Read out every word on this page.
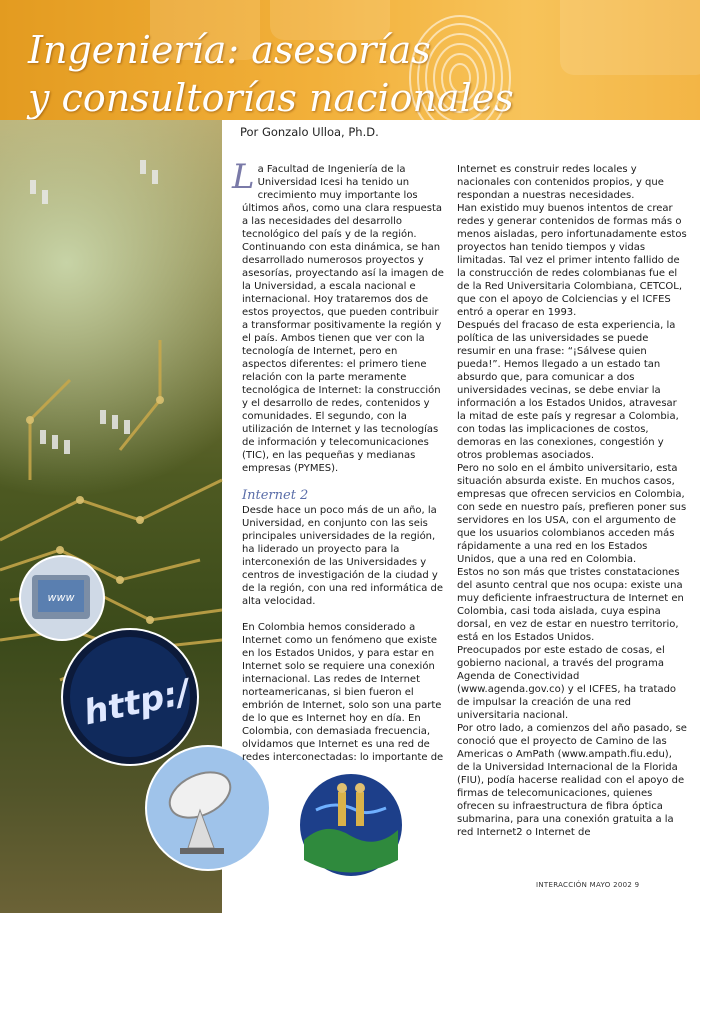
Ingeniería: asesorías
y consultorías nacionales
www
http:/
UNIVERSIDAD
ICESI

Por Gonzalo Ulloa, Ph.D.

La Facultad de Ingeniería de la Universidad Icesi ha tenido un crecimiento muy importante los últimos años, como una clara respuesta a las necesidades del desarrollo tecnológico del país y de la región. Continuando con esta dinámica, se han desarrollado numerosos proyectos y asesorías, proyectando así la imagen de la Universidad, a escala nacional e internacional. Hoy trataremos dos de estos proyectos, que pueden contribuir a transformar positivamente la región y el país. Ambos tienen que ver con la tecnología de Internet, pero en aspectos diferentes: el primero tiene relación con la parte meramente tecnológica de Internet: la construcción y el desarrollo de redes, contenidos y comunidades. El segundo, con la utilización de Internet y las tecnologías de información y telecomunicaciones (TIC), en las pequeñas y medianas empresas (PYMES).

Internet 2

Desde hace un poco más de un año, la Universidad, en conjunto con las seis principales universidades de la región, ha liderado un proyecto para la interconexión de las Universidades y centros de investigación de la ciudad y de la región, con una red informática de alta velocidad.

En Colombia hemos considerado a Internet como un fenómeno que existe en los Estados Unidos, y para estar en Internet solo se requiere una conexión internacional. Las redes de Internet norteamericanas, si bien fueron el embrión de Internet, solo son una parte de lo que es Internet hoy en día. En Colombia, con demasiada frecuencia, olvidamos que Internet es una red de redes interconectadas: lo importante de

Internet es construir redes locales y nacionales con contenidos propios, y que respondan a nuestras necesidades.

Han existido muy buenos intentos de crear redes y generar contenidos de formas más o menos aisladas, pero infortunadamente estos proyectos han tenido tiempos y vidas limitadas. Tal vez el primer intento fallido de la construcción de redes colombianas fue el de la Red Universitaria Colombiana, CETCOL, que con el apoyo de Colciencias y el ICFES entró a operar en 1993.

Después del fracaso de esta experiencia, la política de las universidades se puede resumir en una frase: “¡Sálvese quien pueda!”. Hemos llegado a un estado tan absurdo que, para comunicar a dos universidades vecinas, se debe enviar la información a los Estados Unidos, atravesar la mitad de este país y regresar a Colombia, con todas las implicaciones de costos, demoras en las conexiones, congestión y otros problemas asociados.

Pero no solo en el ámbito universitario, esta situación absurda existe. En muchos casos, empresas que ofrecen servicios en Colombia, con sede en nuestro país, prefieren poner sus servidores en los USA, con el argumento de que los usuarios colombianos acceden más rápidamente a una red en los Estados Unidos, que a una red en Colombia.

Estos no son más que tristes constataciones del asunto central que nos ocupa: existe una muy deficiente infraestructura de Internet en Colombia, casi toda aislada, cuya espina dorsal, en vez de estar en nuestro territorio, está en los Estados Unidos.

Preocupados por este estado de cosas, el gobierno nacional, a través del programa Agenda de Conectividad (www.agenda.gov.co) y el ICFES, ha tratado de impulsar la creación de una red universitaria nacional.

Por otro lado, a comienzos del año pasado, se conoció que el proyecto de Camino de las Americas o AmPath (www.ampath.fiu.edu), de la Universidad Internacional de la Florida (FIU), podía hacerse realidad con el apoyo de firmas de telecomunicaciones, quienes ofrecen su infraestructura de fibra óptica submarina, para una conexión gratuita a la red Internet2 o Internet de

INTERACCIÓN MAYO 2002 9
